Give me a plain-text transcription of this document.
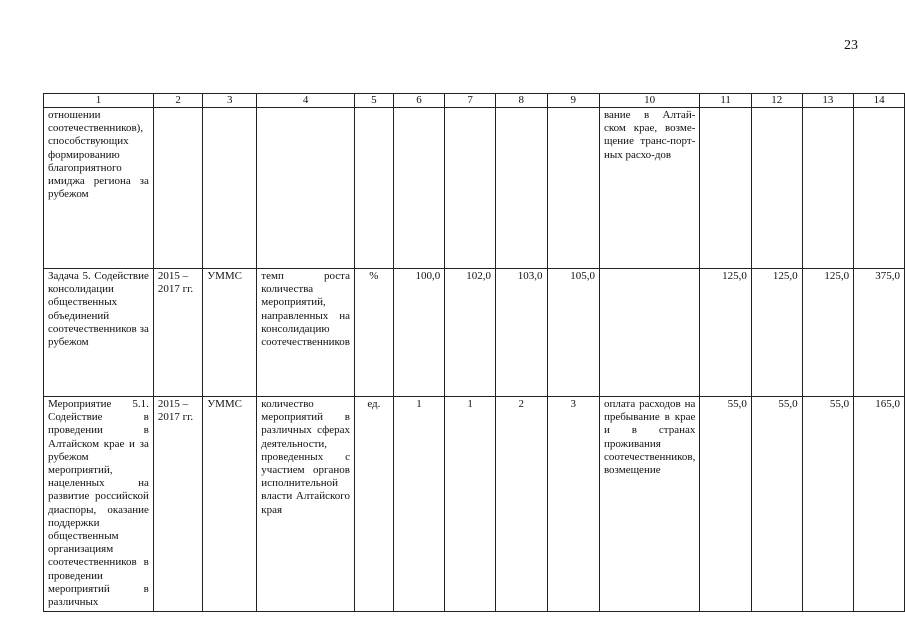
23
1	2	3	4	5	6	7	8	9	10	11	12	13	14
отношении соотечественников), способствующих формированию благоприятного имиджа региона за рубежом									вание в Алтай-ском крае, возме-щение транс-порт-ных расхо-дов				
Задача 5. Содействие консолидации общественных объединений соотечественников за рубежом	2015 – 2017 гг.	УММС	темп роста количества мероприятий, направленных на консолидацию соотечественников	%	100,0	102,0	103,0	105,0		125,0	125,0	125,0	375,0
Мероприятие 5.1. Содействие в проведении в Алтайском крае и за рубежом мероприятий, нацеленных на развитие российской диаспоры, оказание поддержки общественным организациям соотечественников в проведении мероприятий в различных	2015 – 2017 гг.	УММС	количество мероприятий в различных сферах деятельности, проведенных с участием органов исполнительной власти Алтайского края	ед.	1	1	2	3	оплата расходов на пребывание в крае и в странах проживания соотечественников, возмещение	55,0	55,0	55,0	165,0
